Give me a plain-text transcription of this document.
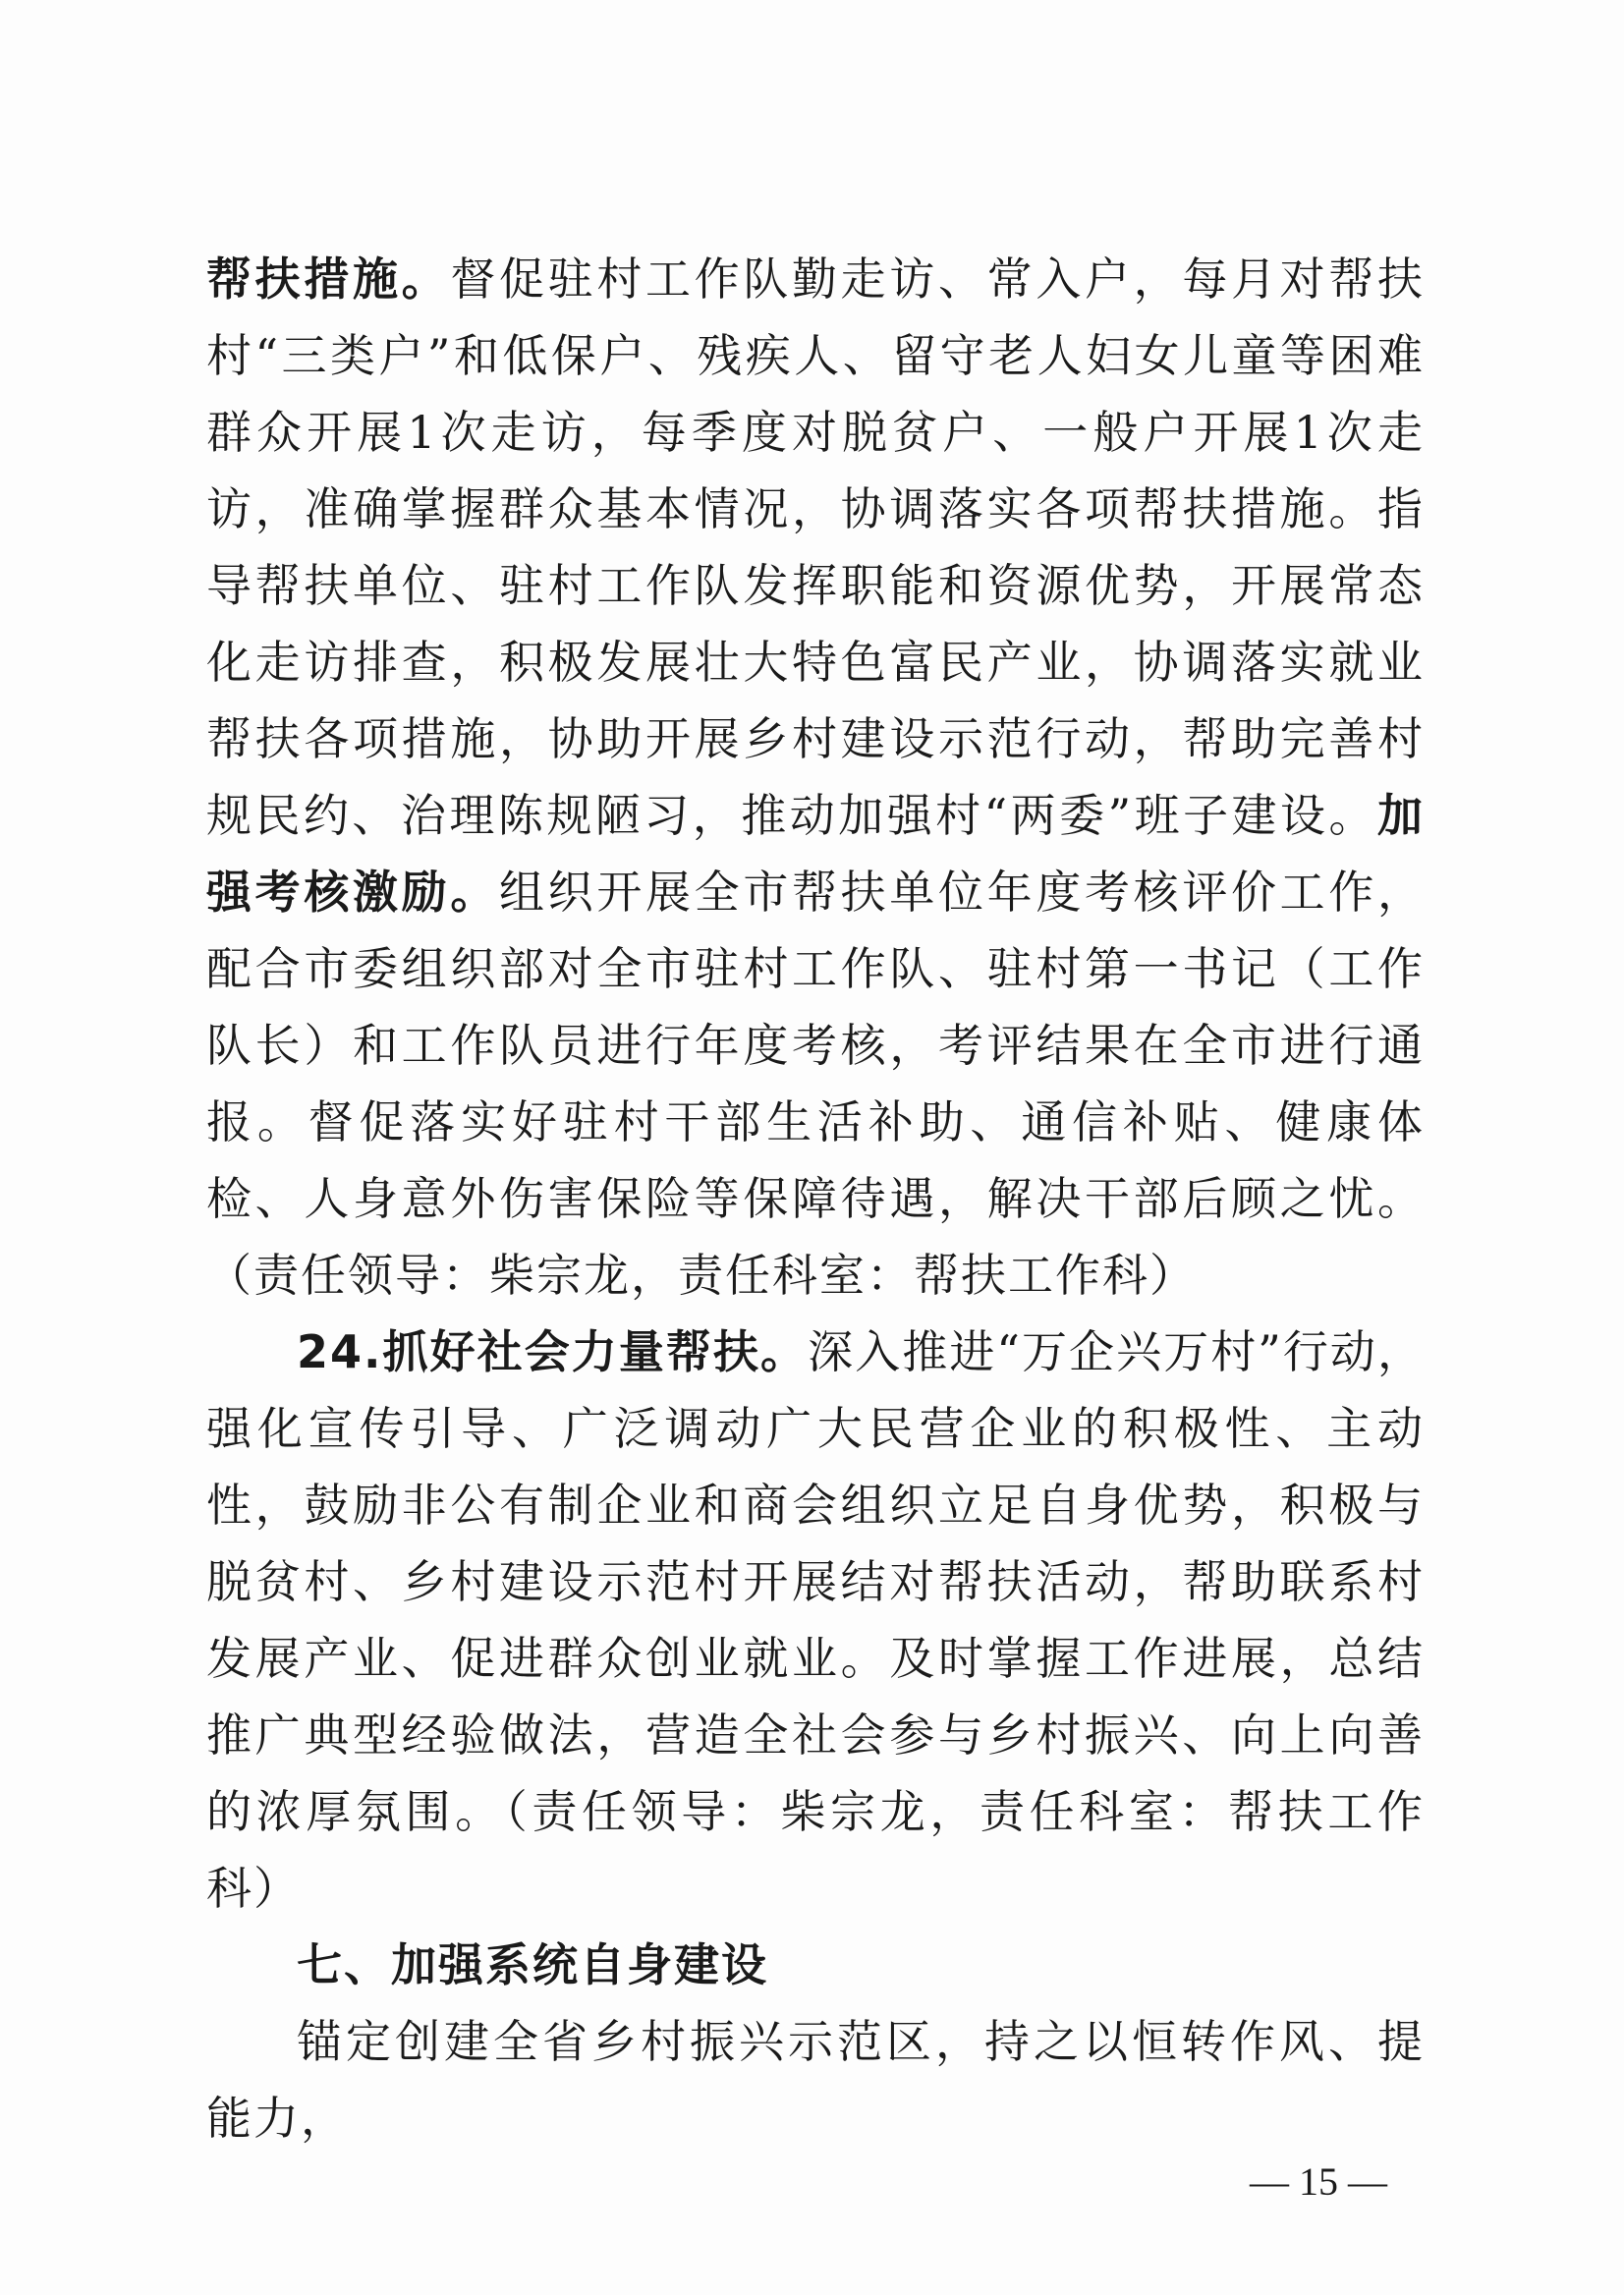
帮扶措施。督促驻村工作队勤走访、常入户，每月对帮扶村“三类户”和低保户、残疾人、留守老人妇女儿童等困难群众开展1次走访，每季度对脱贫户、一般户开展1次走访，准确掌握群众基本情况，协调落实各项帮扶措施。指导帮扶单位、驻村工作队发挥职能和资源优势，开展常态化走访排查，积极发展壮大特色富民产业，协调落实就业帮扶各项措施，协助开展乡村建设示范行动，帮助完善村规民约、治理陈规陋习，推动加强村“两委”班子建设。加强考核激励。组织开展全市帮扶单位年度考核评价工作，配合市委组织部对全市驻村工作队、驻村第一书记（工作队长）和工作队员进行年度考核，考评结果在全市进行通报。督促落实好驻村干部生活补助、通信补贴、健康体检、人身意外伤害保险等保障待遇，解决干部后顾之忧。（责任领导：柴宗龙，责任科室：帮扶工作科）

24.抓好社会力量帮扶。深入推进“万企兴万村”行动，强化宣传引导、广泛调动广大民营企业的积极性、主动性，鼓励非公有制企业和商会组织立足自身优势，积极与脱贫村、乡村建设示范村开展结对帮扶活动，帮助联系村发展产业、促进群众创业就业。及时掌握工作进展，总结推广典型经验做法，营造全社会参与乡村振兴、向上向善的浓厚氛围。（责任领导：柴宗龙，责任科室：帮扶工作科）

七、加强系统自身建设

锚定创建全省乡村振兴示范区，持之以恒转作风、提能力，

— 15 —
